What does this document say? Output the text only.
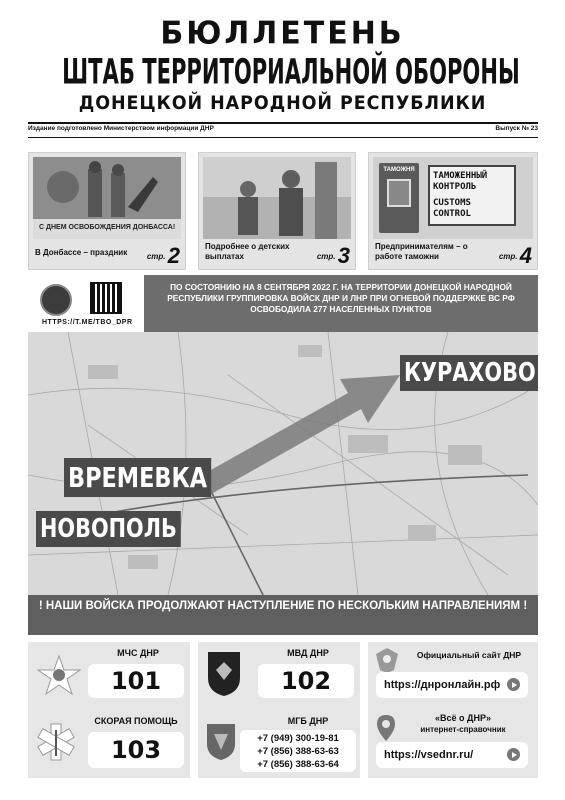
БЮЛЛЕТЕНЬ
ШТАБ ТЕРРИТОРИАЛЬНОЙ ОБОРОНЫ
ДОНЕЦКОЙ НАРОДНОЙ РЕСПУБЛИКИ
Издание подготовлено Министерством информации ДНР	Выпуск № 23
С ДНЕМ ОСВОБОЖДЕНИЯ ДОНБАССА!
В Донбассе – праздник	стр. 2	Подробнее о детских выплатах	стр. 3
ТАМОЖНЯ
ТАМОЖЕННЫЙ
КОНТРОЛЬ
CUSTOMS
CONTROL
Предпринимателям – о работе таможни	стр. 4
HTTPS://T.ME/TBO_DPR
ПО СОСТОЯНИЮ НА 8 СЕНТЯБРЯ 2022 Г. НА ТЕРРИТОРИИ ДОНЕЦКОЙ НАРОДНОЙ РЕСПУБЛИКИ ГРУППИРОВКА ВОЙСК ДНР И ЛНР ПРИ ОГНЕВОЙ ПОДДЕРЖКЕ ВС РФ ОСВОБОДИЛА 277 НАСЕЛЕННЫХ ПУНКТОВ
КУРАХОВО
ВРЕМЕВКА
НОВОПОЛЬ
! НАШИ ВОЙСКА ПРОДОЛЖАЮТ НАСТУПЛЕНИЕ ПО НЕСКОЛЬКИМ НАПРАВЛЕНИЯМ !
МЧС ДНР
101
МВД ДНР
102
Официальный сайт ДНР
https://днронлайн.рф
СКОРАЯ ПОМОЩЬ
103
МГБ ДНР
+7 (949) 300-19-81
+7 (856) 388-63-63
+7 (856) 388-63-64
«Всё о ДНР»
интернет-справочник
https://vsednr.ru/
